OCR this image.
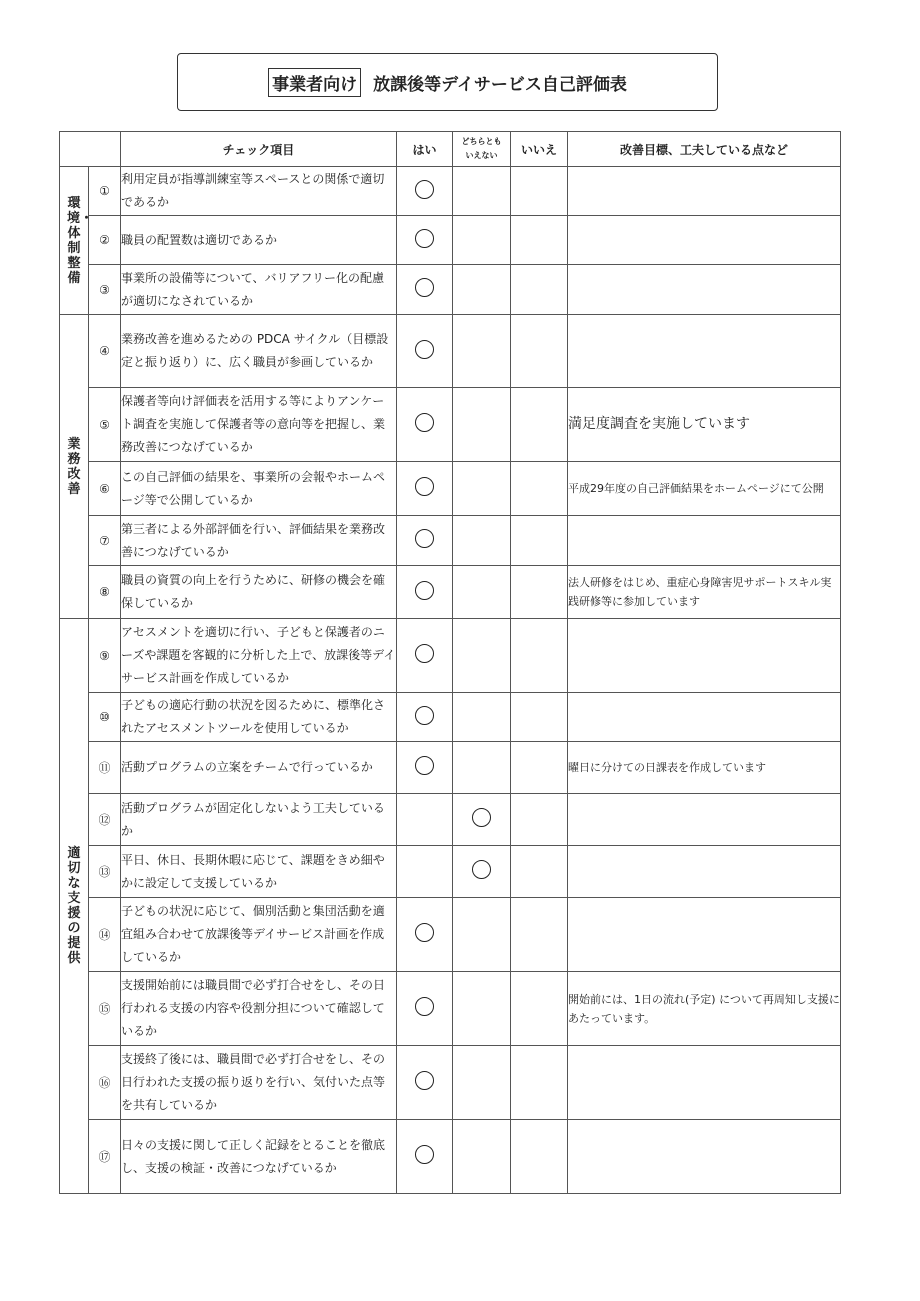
事業者向け 放課後等デイサービス自己評価表
		チェック項目	はい	どちらとも
いえない	いいえ	改善目標、工夫している点など
環境・体制整備	①	利用定員が指導訓練室等スペースとの関係で適切であるか				
	②	職員の配置数は適切であるか				
	③	事業所の設備等について、バリアフリー化の配慮が適切になされているか				
業務改善	④	業務改善を進めるための PDCA サイクル（目標設定と振り返り）に、広く職員が参画しているか				
	⑤	保護者等向け評価表を活用する等によりアンケート調査を実施して保護者等の意向等を把握し、業務改善につなげているか				満足度調査を実施しています
	⑥	この自己評価の結果を、事業所の会報やホームページ等で公開しているか				平成29年度の自己評価結果をホームページにて公開
	⑦	第三者による外部評価を行い、評価結果を業務改善につなげているか				
	⑧	職員の資質の向上を行うために、研修の機会を確保しているか				法人研修をはじめ、重症心身障害児サポートスキル実践研修等に参加しています
適切な支援の提供	⑨	アセスメントを適切に行い、子どもと保護者のニーズや課題を客観的に分析した上で、放課後等デイサービス計画を作成しているか				
	⑩	子どもの適応行動の状況を図るために、標準化されたアセスメントツールを使用しているか				
	⑪	活動プログラムの立案をチームで行っているか				曜日に分けての日課表を作成しています
	⑫	活動プログラムが固定化しないよう工夫しているか				
	⑬	平日、休日、長期休暇に応じて、課題をきめ細やかに設定して支援しているか				
	⑭	子どもの状況に応じて、個別活動と集団活動を適宜組み合わせて放課後等デイサービス計画を作成しているか				
	⑮	支援開始前には職員間で必ず打合せをし、その日行われる支援の内容や役割分担について確認しているか				開始前には、1日の流れ(予定) について再周知し支援にあたっています。
	⑯	支援終了後には、職員間で必ず打合せをし、その日行われた支援の振り返りを行い、気付いた点等を共有しているか				
	⑰	日々の支援に関して正しく記録をとることを徹底し、支援の検証・改善につなげているか				
